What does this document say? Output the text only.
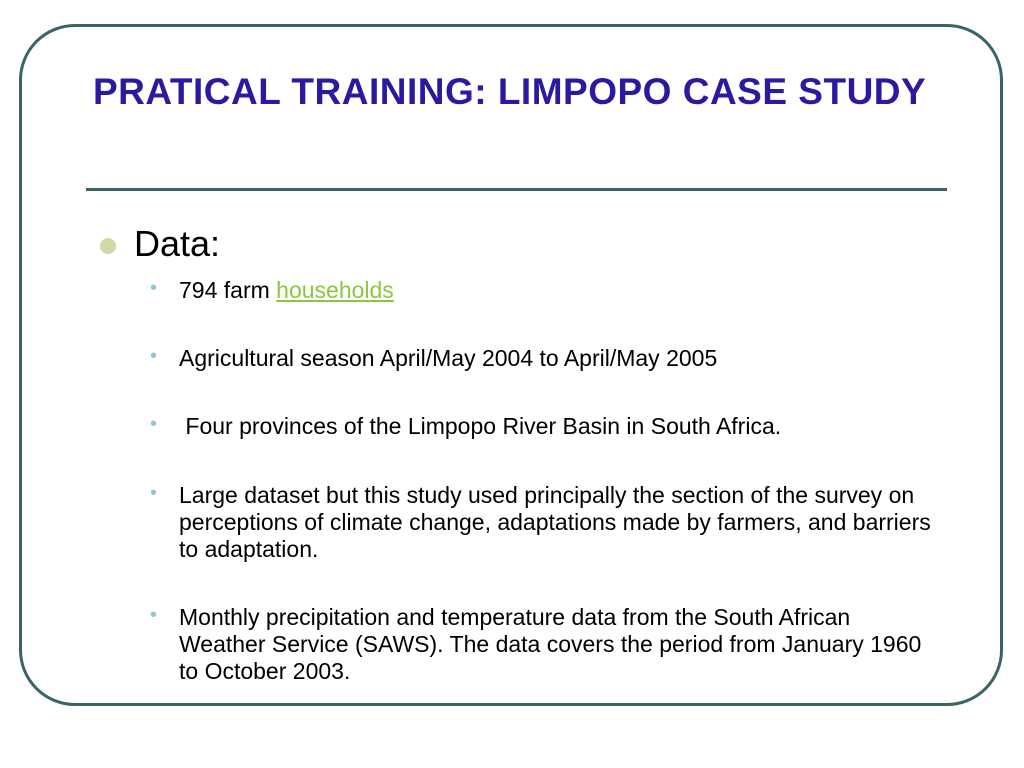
PRATICAL TRAINING: LIMPOPO CASE STUDY
Data:
• 794 farm households
• Agricultural season April/May 2004 to April/May 2005
• Four provinces of the Limpopo River Basin in South Africa.
• Large dataset but this study used principally the section of the survey on perceptions of climate change, adaptations made by farmers, and barriers to adaptation.
• Monthly precipitation and temperature data from the South African Weather Service (SAWS). The data covers the period from January 1960 to October 2003.
